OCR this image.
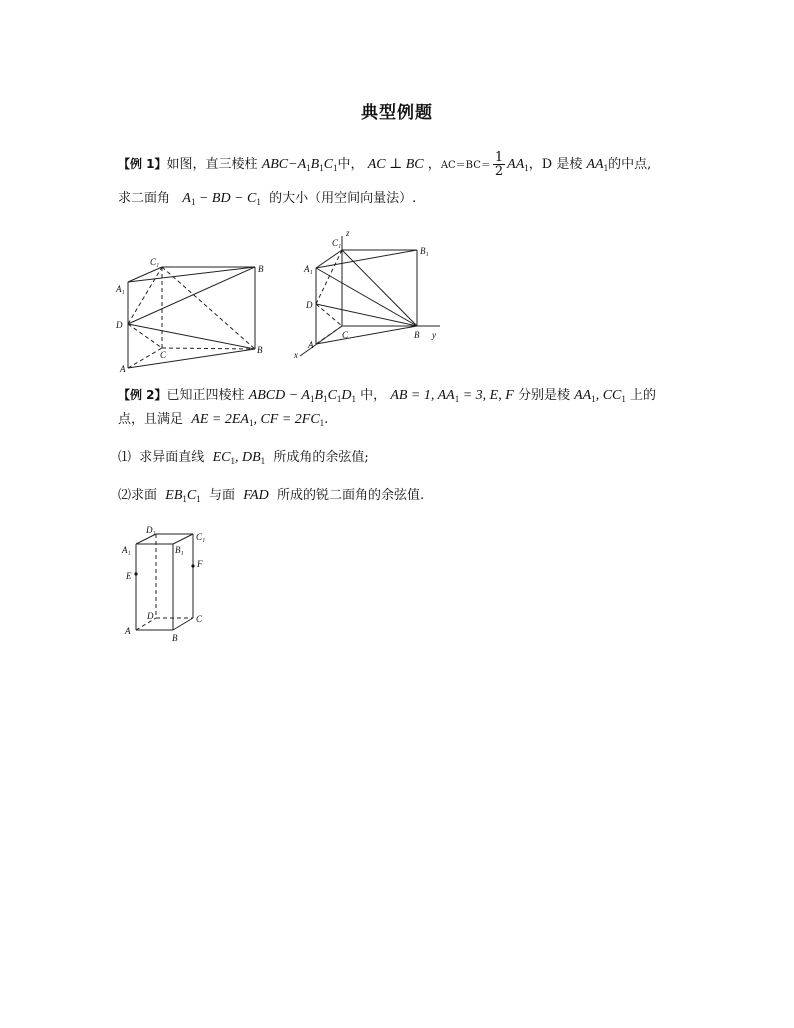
典型例题
【例 1】如图，直三棱柱 $ABC-A_1B_1C_1$中， AC ⊥ BC ，$AC=BC= \frac{1}{2} AA_1$，D 是棱 $AA_1$的中点,
求二面角 $A_1$ − BD − $C_1$ 的大小（用空间向量法）.
C₁
B
A₁
D
C	B
A
z
C₁
B₁
A₁
D
C	B y
A
x
【例 2】已知正四棱柱 ABCD − $A_1B_1C_1D_1$ 中， AB = 1, $AA_1 = 3$, E, F 分别是棱 $AA_1$, $CC_1$ 上的
点，且满足 AE = $2EA_1$, CF = $2FC_1$.
⑴ 求异面直线 $EC_1$, $DB_1$ 所成角的余弦值;
⑵求面 $EB_1C_1$ 与面 FAD 所成的锐二面角的余弦值.
D₁
C₁
A₁	B₁
E
F
D	C
A
B
